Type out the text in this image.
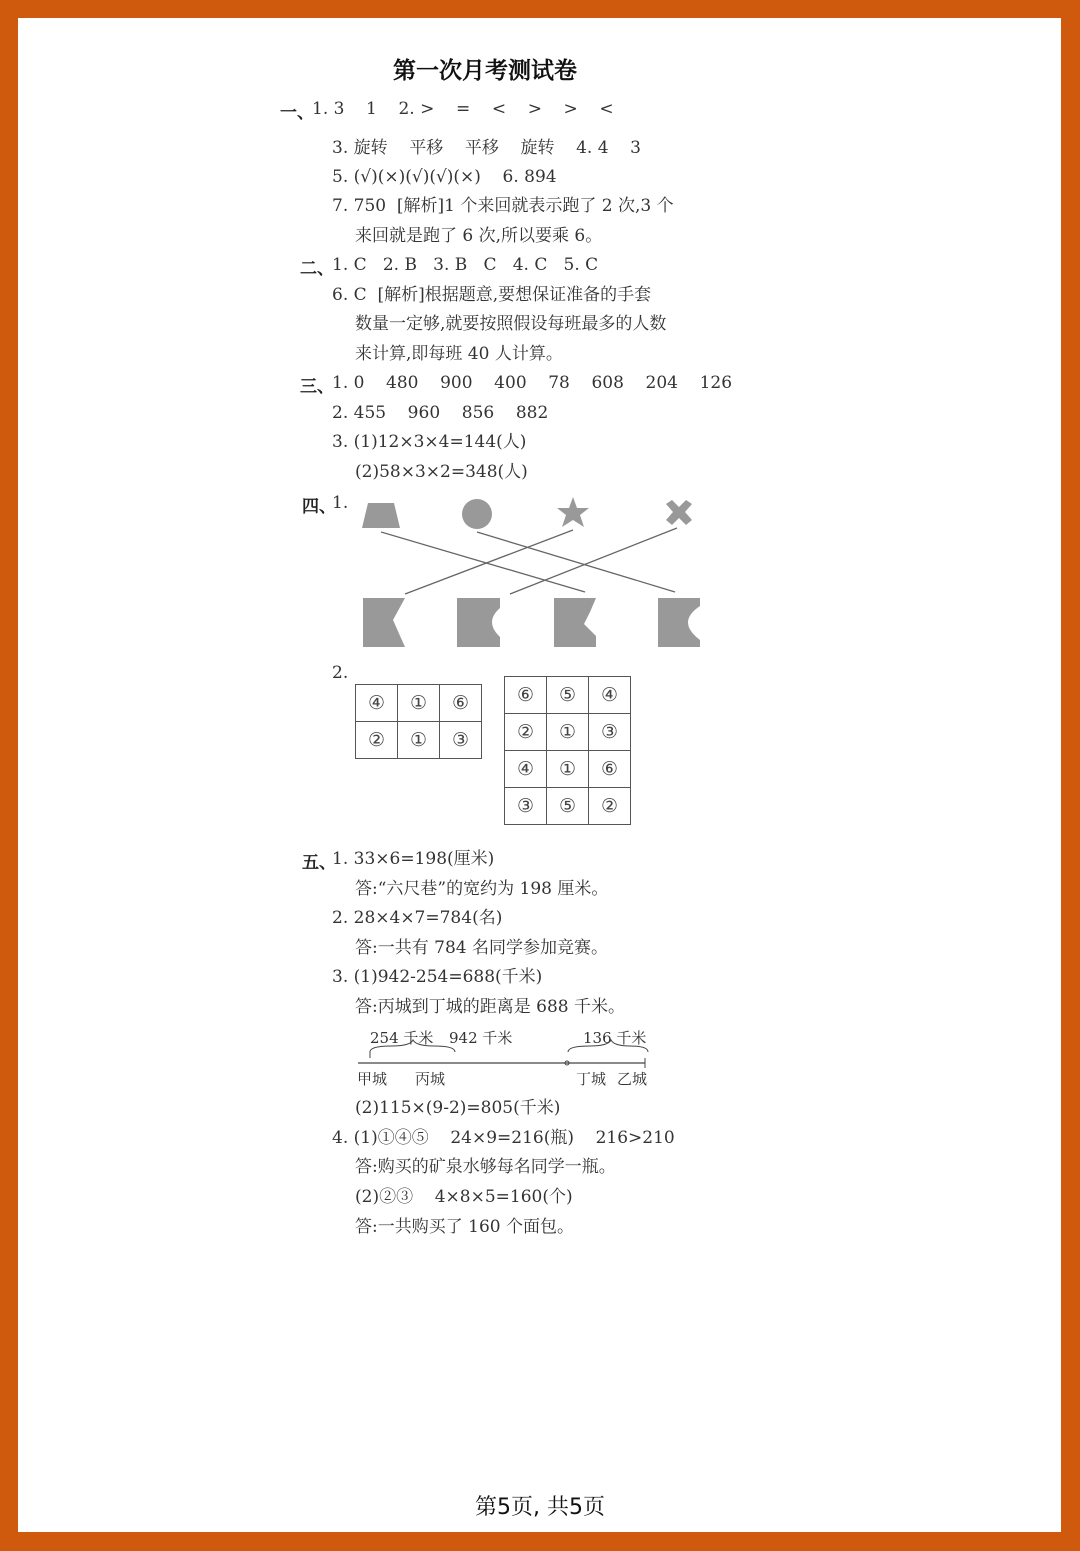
第一次月考测试卷
一、
二、
三、
四、
五、
1. 3    1    2. >    =    <    >    >    <
3. 旋转    平移    平移    旋转    4. 4    3
5. (√)(×)(√)(√)(×)    6. 894
7. 750  [解析]1 个来回就表示跑了 2 次,3 个
来回就是跑了 6 次,所以要乘 6。
1. C   2. B   3. B   C   4. C   5. C
6. C  [解析]根据题意,要想保证准备的手套
数量一定够,就要按照假设每班最多的人数
来计算,即每班 40 人计算。
1. 0    480    900    400    78    608    204    126
2. 455    960    856    882
3. (1)12×3×4=144(人)
(2)58×3×2=348(人)
1.
2.
1. 33×6=198(厘米)
答:“六尺巷”的宽约为 198 厘米。
2. 28×4×7=784(名)
答:一共有 784 名同学参加竞赛。
3. (1)942-254=688(千米)
答:丙城到丁城的距离是 688 千米。
(2)115×(9-2)=805(千米)
4. (1)①④⑤    24×9=216(瓶)    216>210
答:购买的矿泉水够每名同学一瓶。
(2)②③    4×8×5=160(个)
答:一共购买了 160 个面包。
254 千米 942 千米	136 千米
甲城 丙城	丁城 乙城
④	①	⑥
②	①	③
⑥	⑤	④
②	①	③
④	①	⑥
③	⑤	②
第5页, 共5页
